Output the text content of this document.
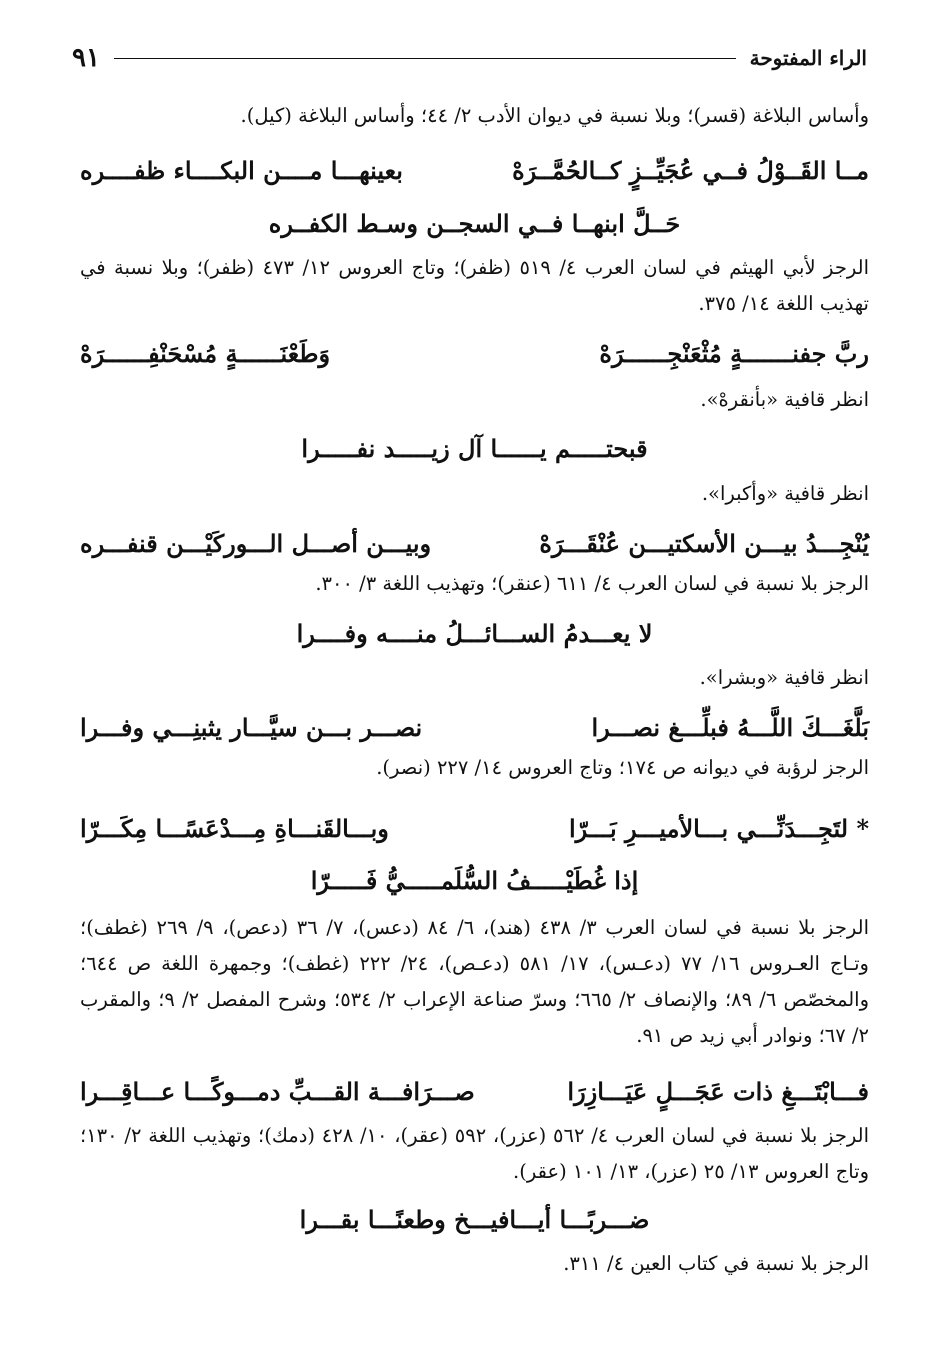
الراء المفتوحة
٩١

وأساس البلاغة (قسر)؛ وبلا نسبة في ديوان الأدب ٢/ ٤٤؛ وأساس البلاغة (كيل).

مــا القَــوْلُ فــي عُجَيِّــزٍ كــالحُمَّــرَهْ
بعينهـــا مــــن البكــــاء ظفــــره
حَــلَّ ابنهــا فــي السجــن وسـط الكفــره

الرجز لأبي الهيثم في لسان العرب ٤/ ٥١٩ (ظفر)؛ وتاج العروس ١٢/ ٤٧٣ (ظفر)؛ وبلا نسبة في تهذيب اللغة ١٤/ ٣٧٥.

ربَّ جفنـــــــةٍ مُثْعَنْجِــــــرَهْ
وَطَعْنَــــــةٍ مُسْحَنْفِــــــرَهْ

انظر قافية «بأنقرهْ».

قبحتـــــم يــــــا آل زيـــــد نفـــــرا

انظر قافية «وأكبرا».

يُنْجِـــدُ بيـــن الأسكتيـــن عُنْقَـــرَهْ
وبيـــن أصـــل الـــوركَيْـــن قنفـــره

الرجز بلا نسبة في لسان العرب ٤/ ٦١١ (عنقر)؛ وتهذيب اللغة ٣/ ٣٠٠.

لا يعـــدمُ الســـائـــلُ منــــه وفــــرا

انظر قافية «وبشرا».

بَلَّغَـــكَ اللَّـــهُ فبلِّـــغ نصـــرا
نصـــر بـــن سيَّـــار يثبنِـــي وفـــرا

الرجز لرؤبة في ديوانه ص ١٧٤؛ وتاج العروس ١٤/ ٢٢٧ (نصر).

* لتَجِـــدَنِّـــي بـــالأميـــرِ بَـــرّا
وبـــالقَنـــاةِ مِـــدْعَسًـــا مِكَـــرّا
إذا غُطَيْـــــفُ السُّلَمـــــيُّ فَـــــرّا

الرجز بلا نسبة في لسان العرب ٣/ ٤٣٨ (هند)، ٦/ ٨٤ (دعس)، ٧/ ٣٦ (دعص)، ٩/ ٢٦٩ (غطف)؛ وتـاج العـروس ١٦/ ٧٧ (دعـس)، ١٧/ ٥٨١ (دعـص)، ٢٤/ ٢٢٢ (غطف)؛ وجمهرة اللغة ص ٦٤٤؛ والمخصّص ٦/ ٨٩؛ والإنصاف ٢/ ٦٦٥؛ وسرّ صناعة الإعراب ٢/ ٥٣٤؛ وشرح المفصل ٢/ ٩؛ والمقرب ٢/ ٦٧؛ ونوادر أبي زيد ص ٩١.

فـــابْتَـــغِ ذات عَجَـــلٍ عَيَـــازِرَا
صـــرَافـــة القـــبِّ دمـــوكًـــا عـــاقِـــرا

الرجز بلا نسبة في لسان العرب ٤/ ٥٦٢ (عزر)، ٥٩٢ (عقر)، ١٠/ ٤٢٨ (دمك)؛ وتهذيب اللغة ٢/ ١٣٠؛ وتاج العروس ١٣/ ٢٥ (عزر)، ١٣/ ١٠١ (عقر).

ضـــربًـــا أيـــافيـــخ وطعنًـــا بقـــرا

الرجز بلا نسبة في كتاب العين ٤/ ٣١١.
